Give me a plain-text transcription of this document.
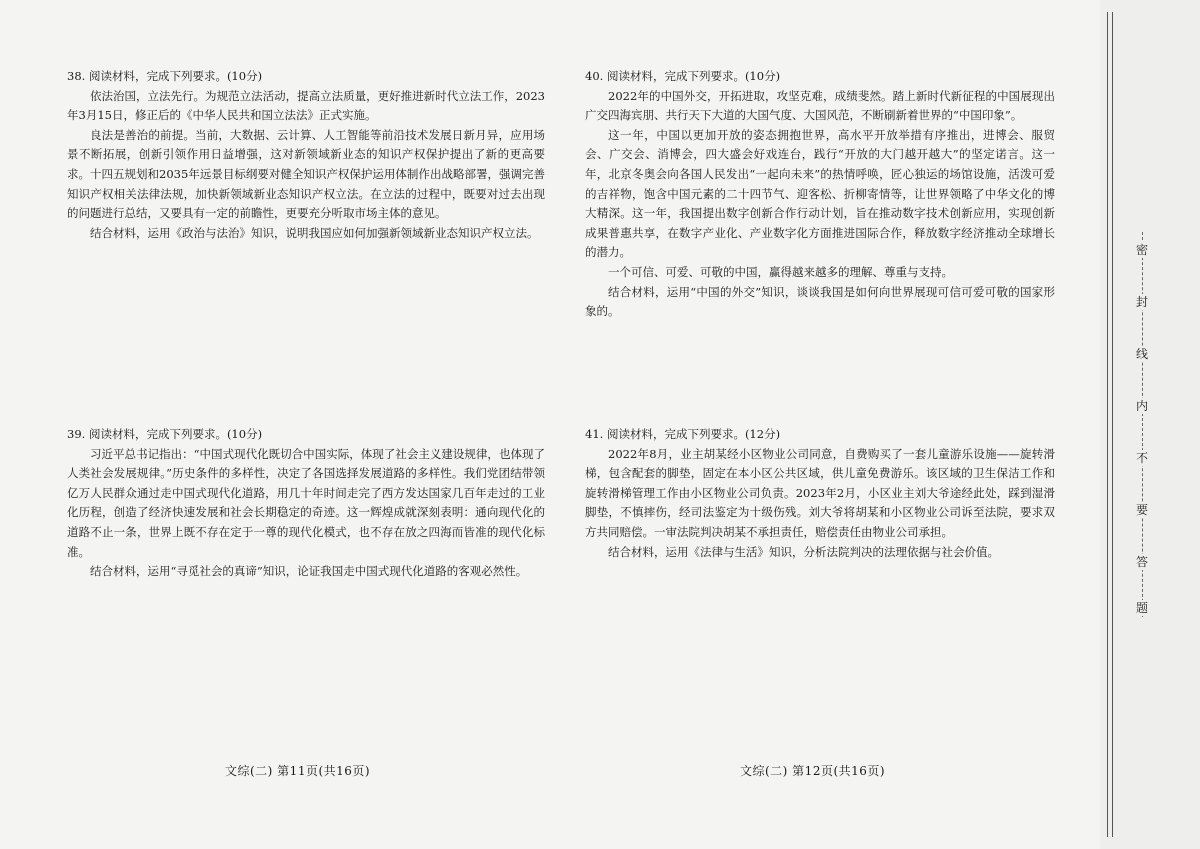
38. 阅读材料，完成下列要求。(10分)

依法治国，立法先行。为规范立法活动，提高立法质量，更好推进新时代立法工作，2023年3月15日，修正后的《中华人民共和国立法法》正式实施。

良法是善治的前提。当前，大数据、云计算、人工智能等前沿技术发展日新月异，应用场景不断拓展，创新引领作用日益增强，这对新领域新业态的知识产权保护提出了新的更高要求。十四五规划和2035年远景目标纲要对健全知识产权保护运用体制作出战略部署，强调完善知识产权相关法律法规，加快新领域新业态知识产权立法。在立法的过程中，既要对过去出现的问题进行总结，又要具有一定的前瞻性，更要充分听取市场主体的意见。

结合材料，运用《政治与法治》知识，说明我国应如何加强新领域新业态知识产权立法。

39. 阅读材料，完成下列要求。(10分)

习近平总书记指出：“中国式现代化既切合中国实际，体现了社会主义建设规律，也体现了人类社会发展规律。”历史条件的多样性，决定了各国选择发展道路的多样性。我们党团结带领亿万人民群众通过走中国式现代化道路，用几十年时间走完了西方发达国家几百年走过的工业化历程，创造了经济快速发展和社会长期稳定的奇迹。这一辉煌成就深刻表明：通向现代化的道路不止一条，世界上既不存在定于一尊的现代化模式，也不存在放之四海而皆准的现代化标准。

结合材料，运用“寻觅社会的真谛”知识，论证我国走中国式现代化道路的客观必然性。

文综(二) 第11页(共16页)

40. 阅读材料，完成下列要求。(10分)

2022年的中国外交，开拓进取，攻坚克难，成绩斐然。踏上新时代新征程的中国展现出广交四海宾朋、共行天下大道的大国气度、大国风范，不断刷新着世界的“中国印象”。

这一年，中国以更加开放的姿态拥抱世界，高水平开放举措有序推出，进博会、服贸会、广交会、消博会，四大盛会好戏连台，践行“开放的大门越开越大”的坚定诺言。这一年，北京冬奥会向各国人民发出“一起向未来”的热情呼唤，匠心独运的场馆设施，活泼可爱的吉祥物，饱含中国元素的二十四节气、迎客松、折柳寄情等，让世界领略了中华文化的博大精深。这一年，我国提出数字创新合作行动计划，旨在推动数字技术创新应用，实现创新成果普惠共享，在数字产业化、产业数字化方面推进国际合作，释放数字经济推动全球增长的潜力。

一个可信、可爱、可敬的中国，赢得越来越多的理解、尊重与支持。

结合材料，运用“中国的外交”知识，谈谈我国是如何向世界展现可信可爱可敬的国家形象的。

41. 阅读材料，完成下列要求。(12分)

2022年8月，业主胡某经小区物业公司同意，自费购买了一套儿童游乐设施——旋转滑梯，包含配套的脚垫，固定在本小区公共区域，供儿童免费游乐。该区域的卫生保洁工作和旋转滑梯管理工作由小区物业公司负责。2023年2月，小区业主刘大爷途经此处，踩到湿滑脚垫，不慎摔伤，经司法鉴定为十级伤残。刘大爷将胡某和小区物业公司诉至法院，要求双方共同赔偿。一审法院判决胡某不承担责任，赔偿责任由物业公司承担。

结合材料，运用《法律与生活》知识，分析法院判决的法理依据与社会价值。

文综(二) 第12页(共16页)
密
封
线
内
不
要
答
题
